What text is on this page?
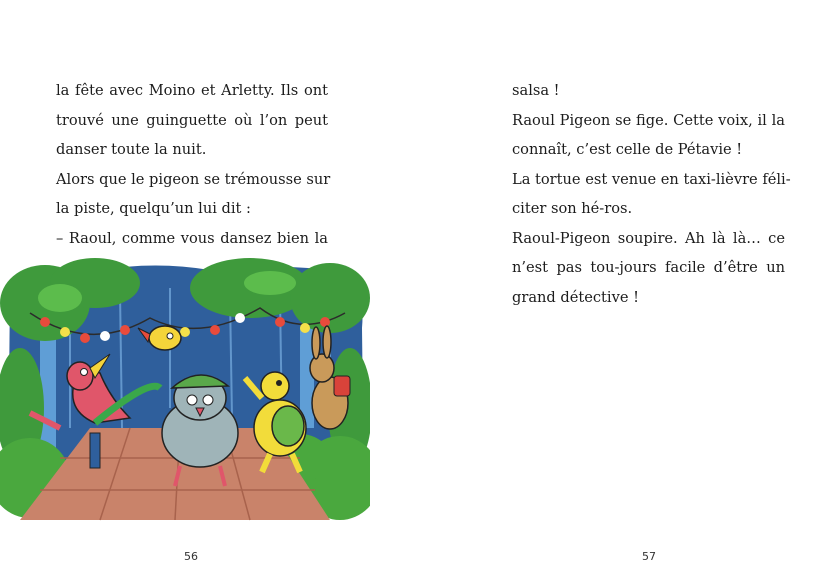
la fête avec Moino et Arletty. Ils ont
trouvé une guinguette où l’on peut
danser toute la nuit.
Alors que le pigeon se trémousse sur
la piste, quelqu’un lui dit :
– Raoul, comme vous dansez bien la
56
salsa !
Raoul Pigeon se fige. Cette voix, il la
connaît, c’est celle de Pétavie !
La tortue est venue en taxi-lièvre féli-
citer son hé-ros.
Raoul-Pigeon soupire. Ah là là… ce
n’est pas tou-jours facile d’être un
grand détective !
57
